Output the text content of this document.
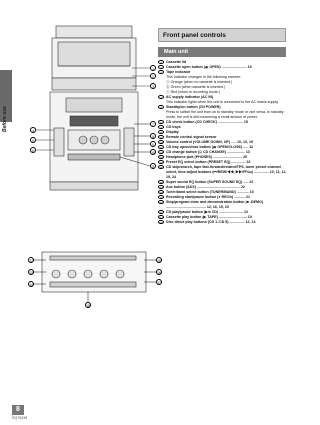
Before use
Front panel controls
Main unit
1	Cassette lid
2	Cassette open button (⏏ OPEN) ......................... 19
3	Tape indicator
This indicator changes in the following manner:
ⓐ Orange (when no cassette is inserted.)
ⓑ Green (when cassette is inserted.)
ⓒ Red (when in recording mode.)
4	AC supply indicator (AC IN)
This indicator lights when the unit is connected to the AC mains supply.
5	Standby/on switch (⏻/I POWER)
Press to switch the unit from on to standby mode or vice versa. In standby mode, the unit is still consuming a small amount of power.
6	CD check button (CD CHECK) ......................... 15
7	CD trays
8	Display
9	Remote control signal sensor
10 Volume control (VOLUME DOWN, UP) ..... 10, 13, 19
11 CD tray open/close button (⏏ OPEN/CLOSE) ..... 12
12 CD change button (⎐ CD CHANGE) .................. 13
13 Headphone jack (PHONES) ............................. 20
14 Preset EQ select button (PRESET EQ) .............. 22
15 CD skip/search, tape fast-forward/rewind/TPS, tuner preset channel select, time adjust buttons (⏮/REW/◀◀, ▶▶/FF/⏭) ............... 10, 11, 12, 19, 24
16 Super sound EQ button (SUPER SOUND EQ) ..... 22
17 Aux button (AUX) ........................................... 22
18 Tuner/band select button (TUNER/BAND) ............ 10
19 Recording start/pause button (● REC/⏸) ........... 21
20 Stop/program clear and demonstration button (■ -DEMO) ........................................ 12, 16, 19, 23
21 CD play/pause button (▶/⏸ CD) ........................ 12
22 Cassette play button (▶ TAPE) ............................ 19
23 Disc direct play buttons (CD 1–CD 5) ............... 12, 13
1
2
3
4
5
6
7
8
9
10
11
12
13
14
15
16
17
18
8
RQT6538
